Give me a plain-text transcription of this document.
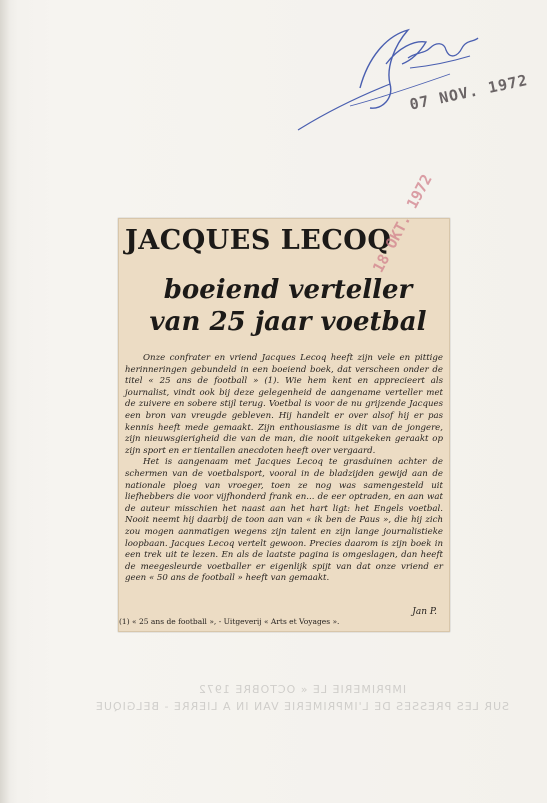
07 NOV. 1972
JACQUES LECOQ
boeiend verteller
van 25 jaar voetbal
18 OKT. 1972

Onze confrater en vriend Jacques Lecoq heeft zijn vele en pittige herinneringen gebundeld in een boeiend boek, dat verscheen onder de titel « 25 ans de football » (1). Wie hem kent en apprecieert als journalist, vindt ook bij deze gelegenheid de aangename verteller met de zuivere en sobere stijl terug. Voetbal is voor de nu grijzende Jacques een bron van vreugde gebleven. Hij handelt er over alsof hij er pas kennis heeft mede gemaakt. Zijn enthousiasme is dit van de jongere, zijn nieuwsgierigheid die van de man, die nooit uitgekeken geraakt op zijn sport en er tientallen anecdoten heeft over vergaard.

Het is aangenaam met Jacques Lecoq te grasduinen achter de schermen van de voetbalsport, vooral in de bladzijden gewijd aan de nationale ploeg van vroeger, toen ze nog was samengesteld uit liefhebbers die voor vijfhonderd frank en... de eer optraden, en aan wat de auteur misschien het naast aan het hart ligt: het Engels voetbal. Nooit neemt hij daarbij de toon aan van « ik ben de Paus », die hij zich zou mogen aanmatigen wegens zijn talent en zijn lange journalistieke loopbaan. Jacques Lecoq vertelt gewoon. Precies daarom is zijn boek in een trek uit te lezen. En als de laatste pagina is omgeslagen, dan heeft de meegesleurde voetballer er eigenlijk spijt van dat onze vriend er geen « 50 ans de football » heeft van gemaakt.

Jan P.
(1) « 25 ans de football », - Uitgeverij « Arts et Voyages ».
IMPRIMERIE LE « OCTOBRE 1972
SUR LES PRESSES DE L'IMPRIMERIE VAN IN A LIERRE - BELGIQUE
